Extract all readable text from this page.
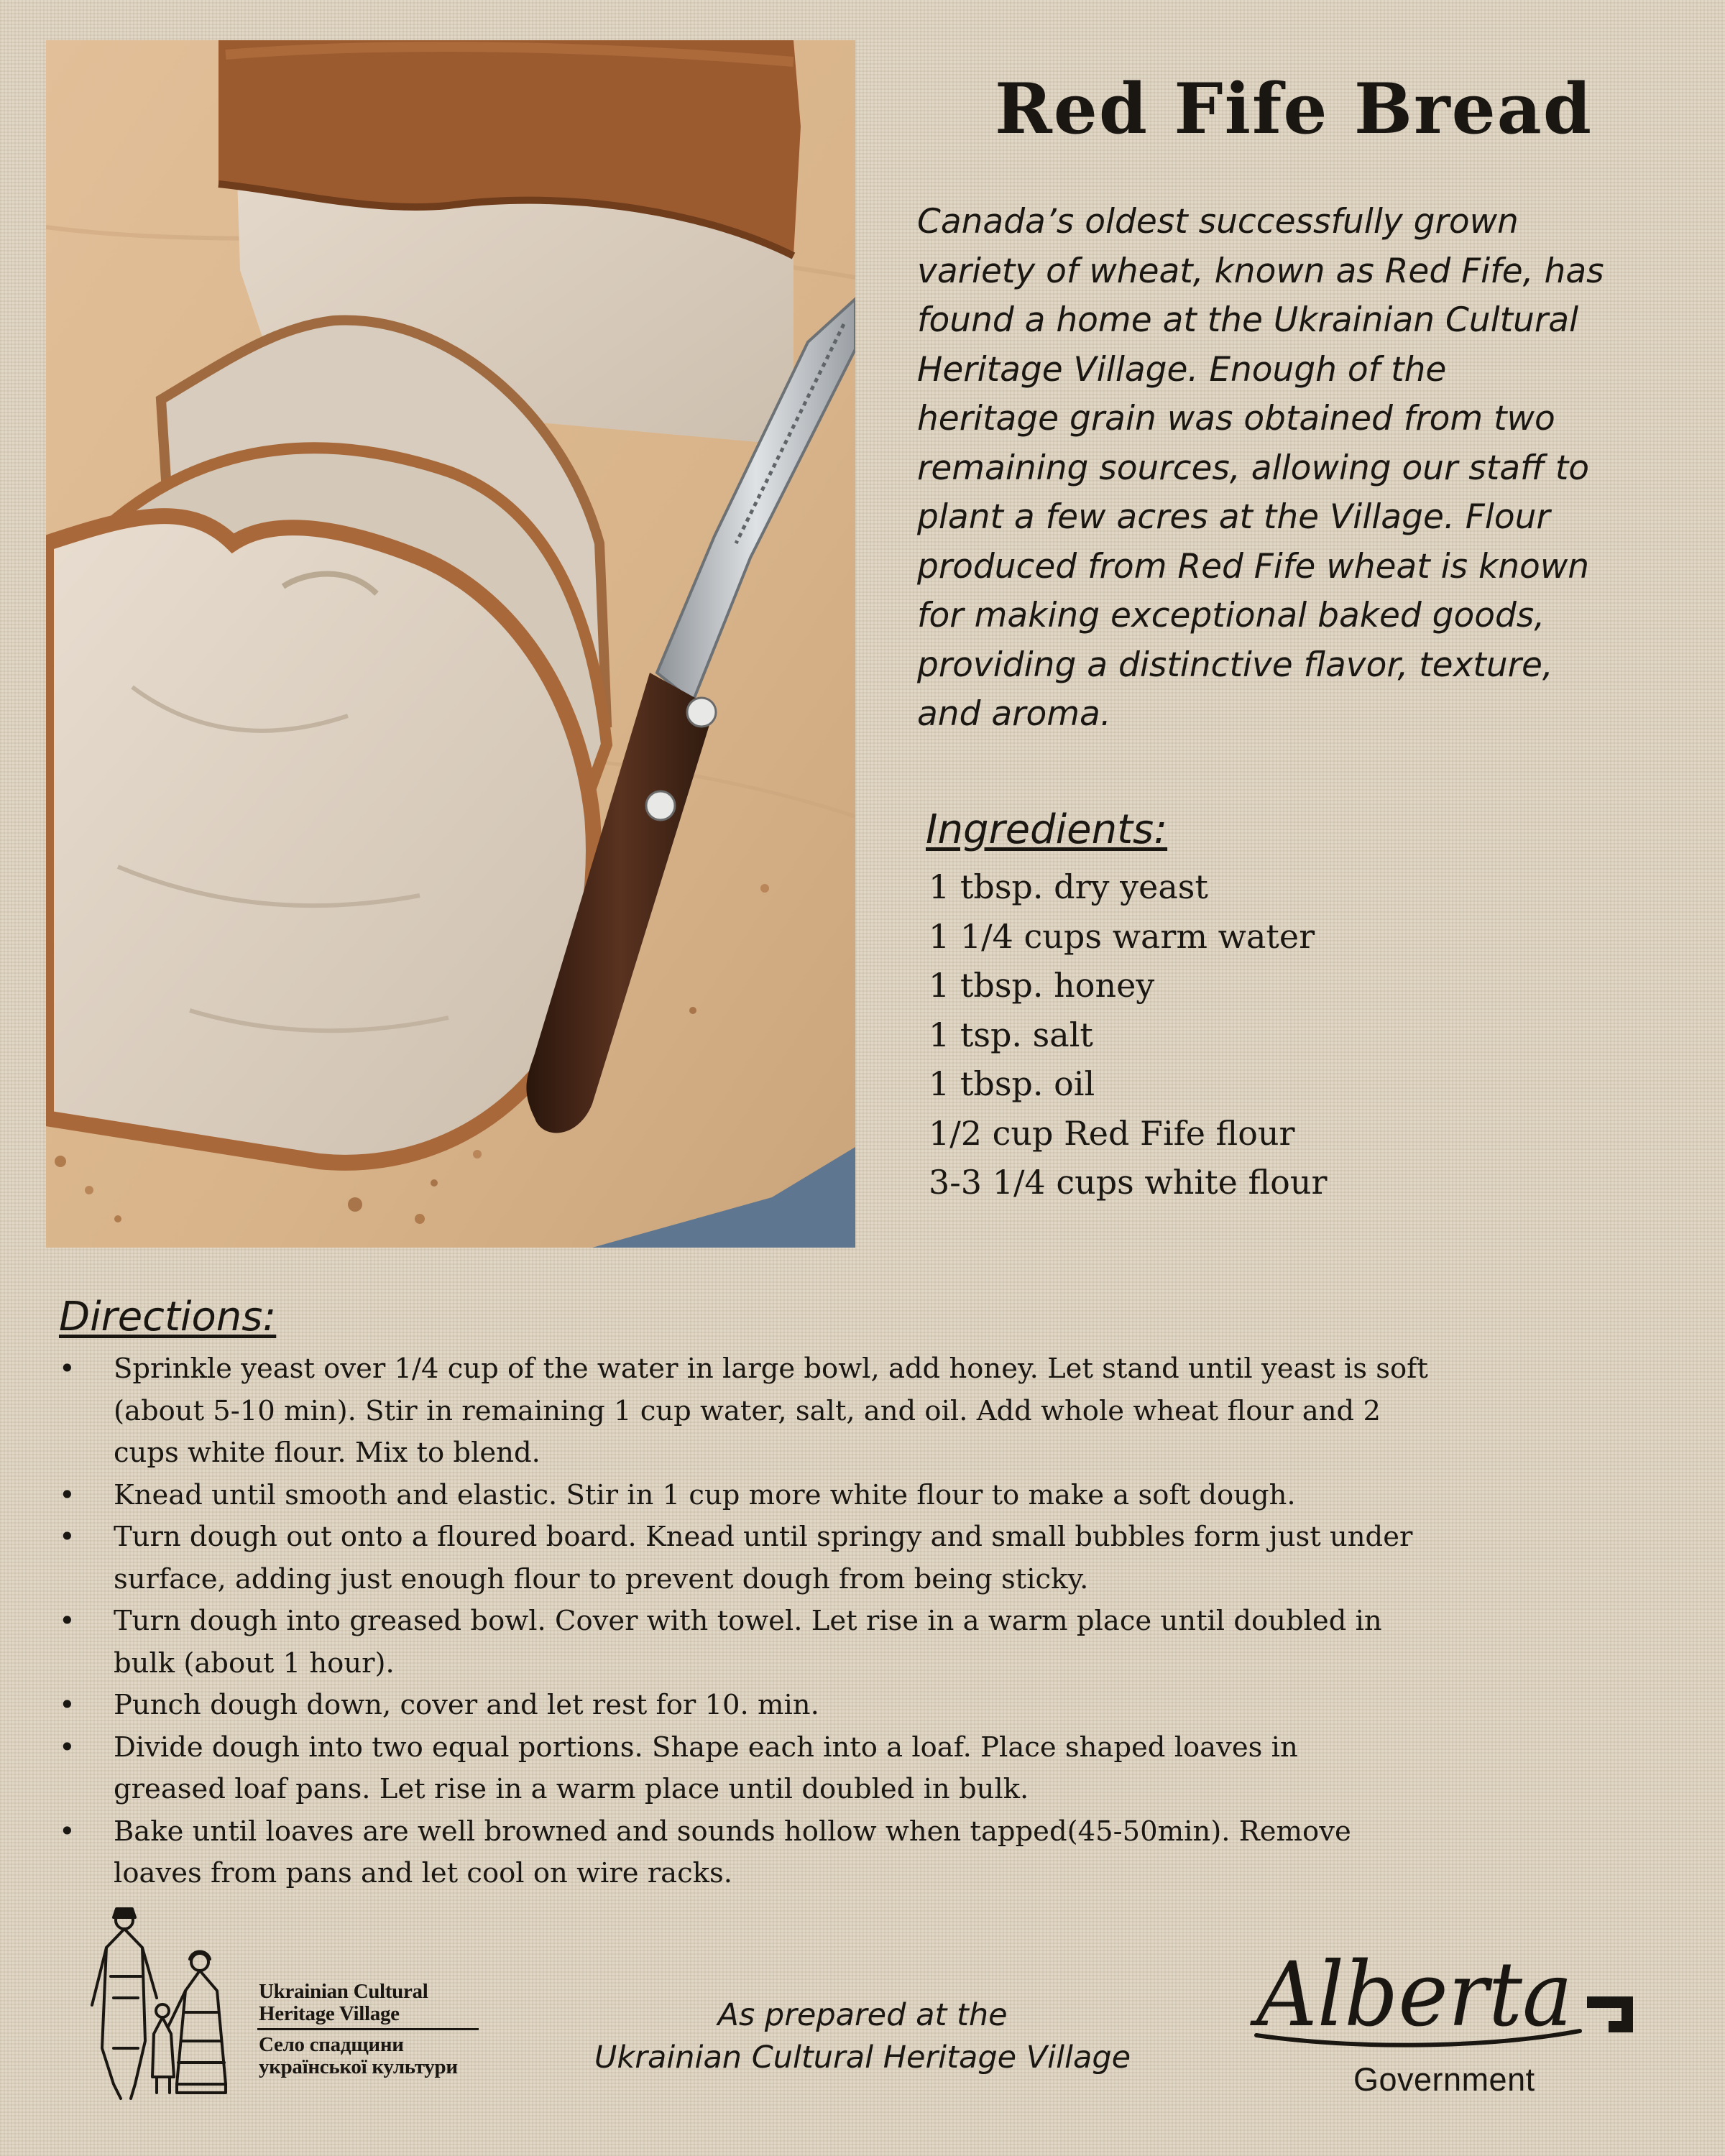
Red Fife Bread

Canada’s oldest successfully grown
variety of wheat, known as Red Fife, has
found a home at the Ukrainian Cultural
Heritage Village. Enough of the
heritage grain was obtained from two
remaining sources, allowing our staff to
plant a few acres at the Village. Flour
produced from Red Fife wheat is known
for making exceptional baked goods,
providing a distinctive flavor, texture,
and aroma.

Ingredients:
1 tbsp. dry yeast
1 1/4 cups warm water
1 tbsp. honey
1 tsp. salt
1 tbsp. oil
1/2 cup Red Fife flour
3-3 1/4 cups white flour
Directions:
• Sprinkle yeast over 1/4 cup of the water in large bowl, add honey. Let stand until yeast is soft
(about 5-10 min). Stir in remaining 1 cup water, salt, and oil. Add whole wheat flour and 2
cups white flour. Mix to blend.
• Knead until smooth and elastic. Stir in 1 cup more white flour to make a soft dough.
• Turn dough out onto a floured board. Knead until springy and small bubbles form just under
surface, adding just enough flour to prevent dough from being sticky.
• Turn dough into greased bowl. Cover with towel. Let rise in a warm place until doubled in
bulk (about 1 hour).
• Punch dough down, cover and let rest for 10. min.
• Divide dough into two equal portions. Shape each into a loaf. Place shaped loaves in
greased loaf pans. Let rise in a warm place until doubled in bulk.
• Bake until loaves are well browned and sounds hollow when tapped(45-50min). Remove
loaves from pans and let cool on wire racks.

Ukrainian Cultural

Heritage Village

Село спадщини

української культури

As prepared at the
Ukrainian Cultural Heritage Village

Alberta

Government
